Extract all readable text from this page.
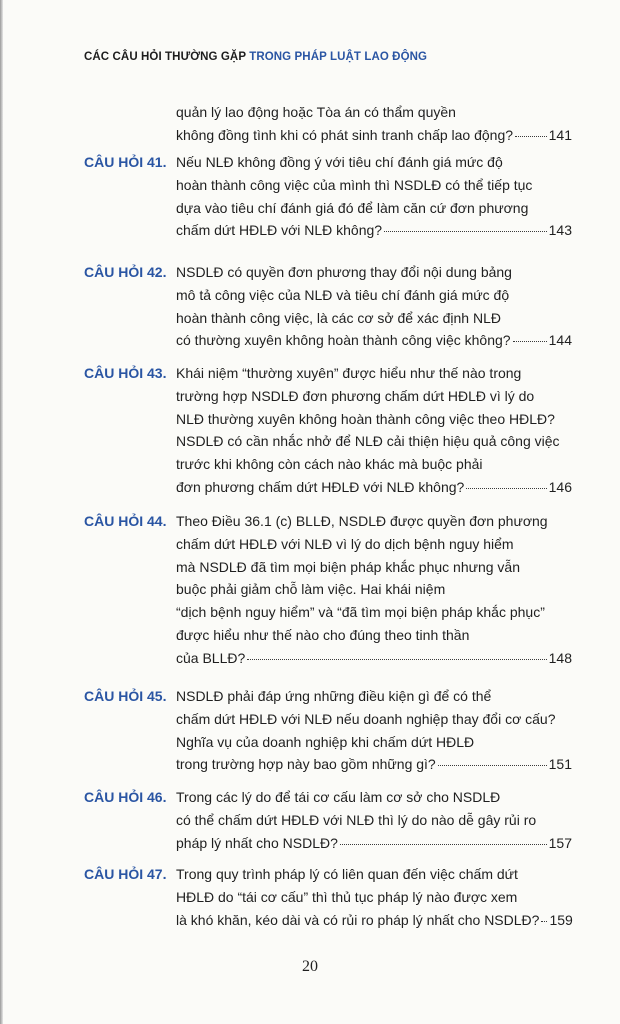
CÁC CÂU HỎI THƯỜNG GẶP TRONG PHÁP LUẬT LAO ĐỘNG
quản lý lao động hoặc Tòa án có thẩm quyền
không đồng tình khi có phát sinh tranh chấp lao động?	141
CÂU HỎI 41. Nếu NLĐ không đồng ý với tiêu chí đánh giá mức độ
hoàn thành công việc của mình thì NSDLĐ có thể tiếp tục
dựa vào tiêu chí đánh giá đó để làm căn cứ đơn phương
chấm dứt HĐLĐ với NLĐ không?	143
CÂU HỎI 42. NSDLĐ có quyền đơn phương thay đổi nội dung bảng
mô tả công việc của NLĐ và tiêu chí đánh giá mức độ
hoàn thành công việc, là các cơ sở để xác định NLĐ
có thường xuyên không hoàn thành công việc không?	144
CÂU HỎI 43. Khái niệm “thường xuyên” được hiểu như thế nào trong
trường hợp NSDLĐ đơn phương chấm dứt HĐLĐ vì lý do
NLĐ thường xuyên không hoàn thành công việc theo HĐLĐ?
NSDLĐ có cần nhắc nhở để NLĐ cải thiện hiệu quả công việc
trước khi không còn cách nào khác mà buộc phải
đơn phương chấm dứt HĐLĐ với NLĐ không?	146
CÂU HỎI 44. Theo Điều 36.1 (c) BLLĐ, NSDLĐ được quyền đơn phương
chấm dứt HĐLĐ với NLĐ vì lý do dịch bệnh nguy hiểm
mà NSDLĐ đã tìm mọi biện pháp khắc phục nhưng vẫn
buộc phải giảm chỗ làm việc. Hai khái niệm
“dịch bệnh nguy hiểm” và “đã tìm mọi biện pháp khắc phục”
được hiểu như thế nào cho đúng theo tinh thần
của BLLĐ?	148
CÂU HỎI 45. NSDLĐ phải đáp ứng những điều kiện gì để có thể
chấm dứt HĐLĐ với NLĐ nếu doanh nghiệp thay đổi cơ cấu?
Nghĩa vụ của doanh nghiệp khi chấm dứt HĐLĐ
trong trường hợp này bao gồm những gì?	151
CÂU HỎI 46. Trong các lý do để tái cơ cấu làm cơ sở cho NSDLĐ
có thể chấm dứt HĐLĐ với NLĐ thì lý do nào dễ gây rủi ro
pháp lý nhất cho NSDLĐ?	157
CÂU HỎI 47. Trong quy trình pháp lý có liên quan đến việc chấm dứt
HĐLĐ do “tái cơ cấu” thì thủ tục pháp lý nào được xem
là khó khăn, kéo dài và có rủi ro pháp lý nhất cho NSDLĐ? 159
20
